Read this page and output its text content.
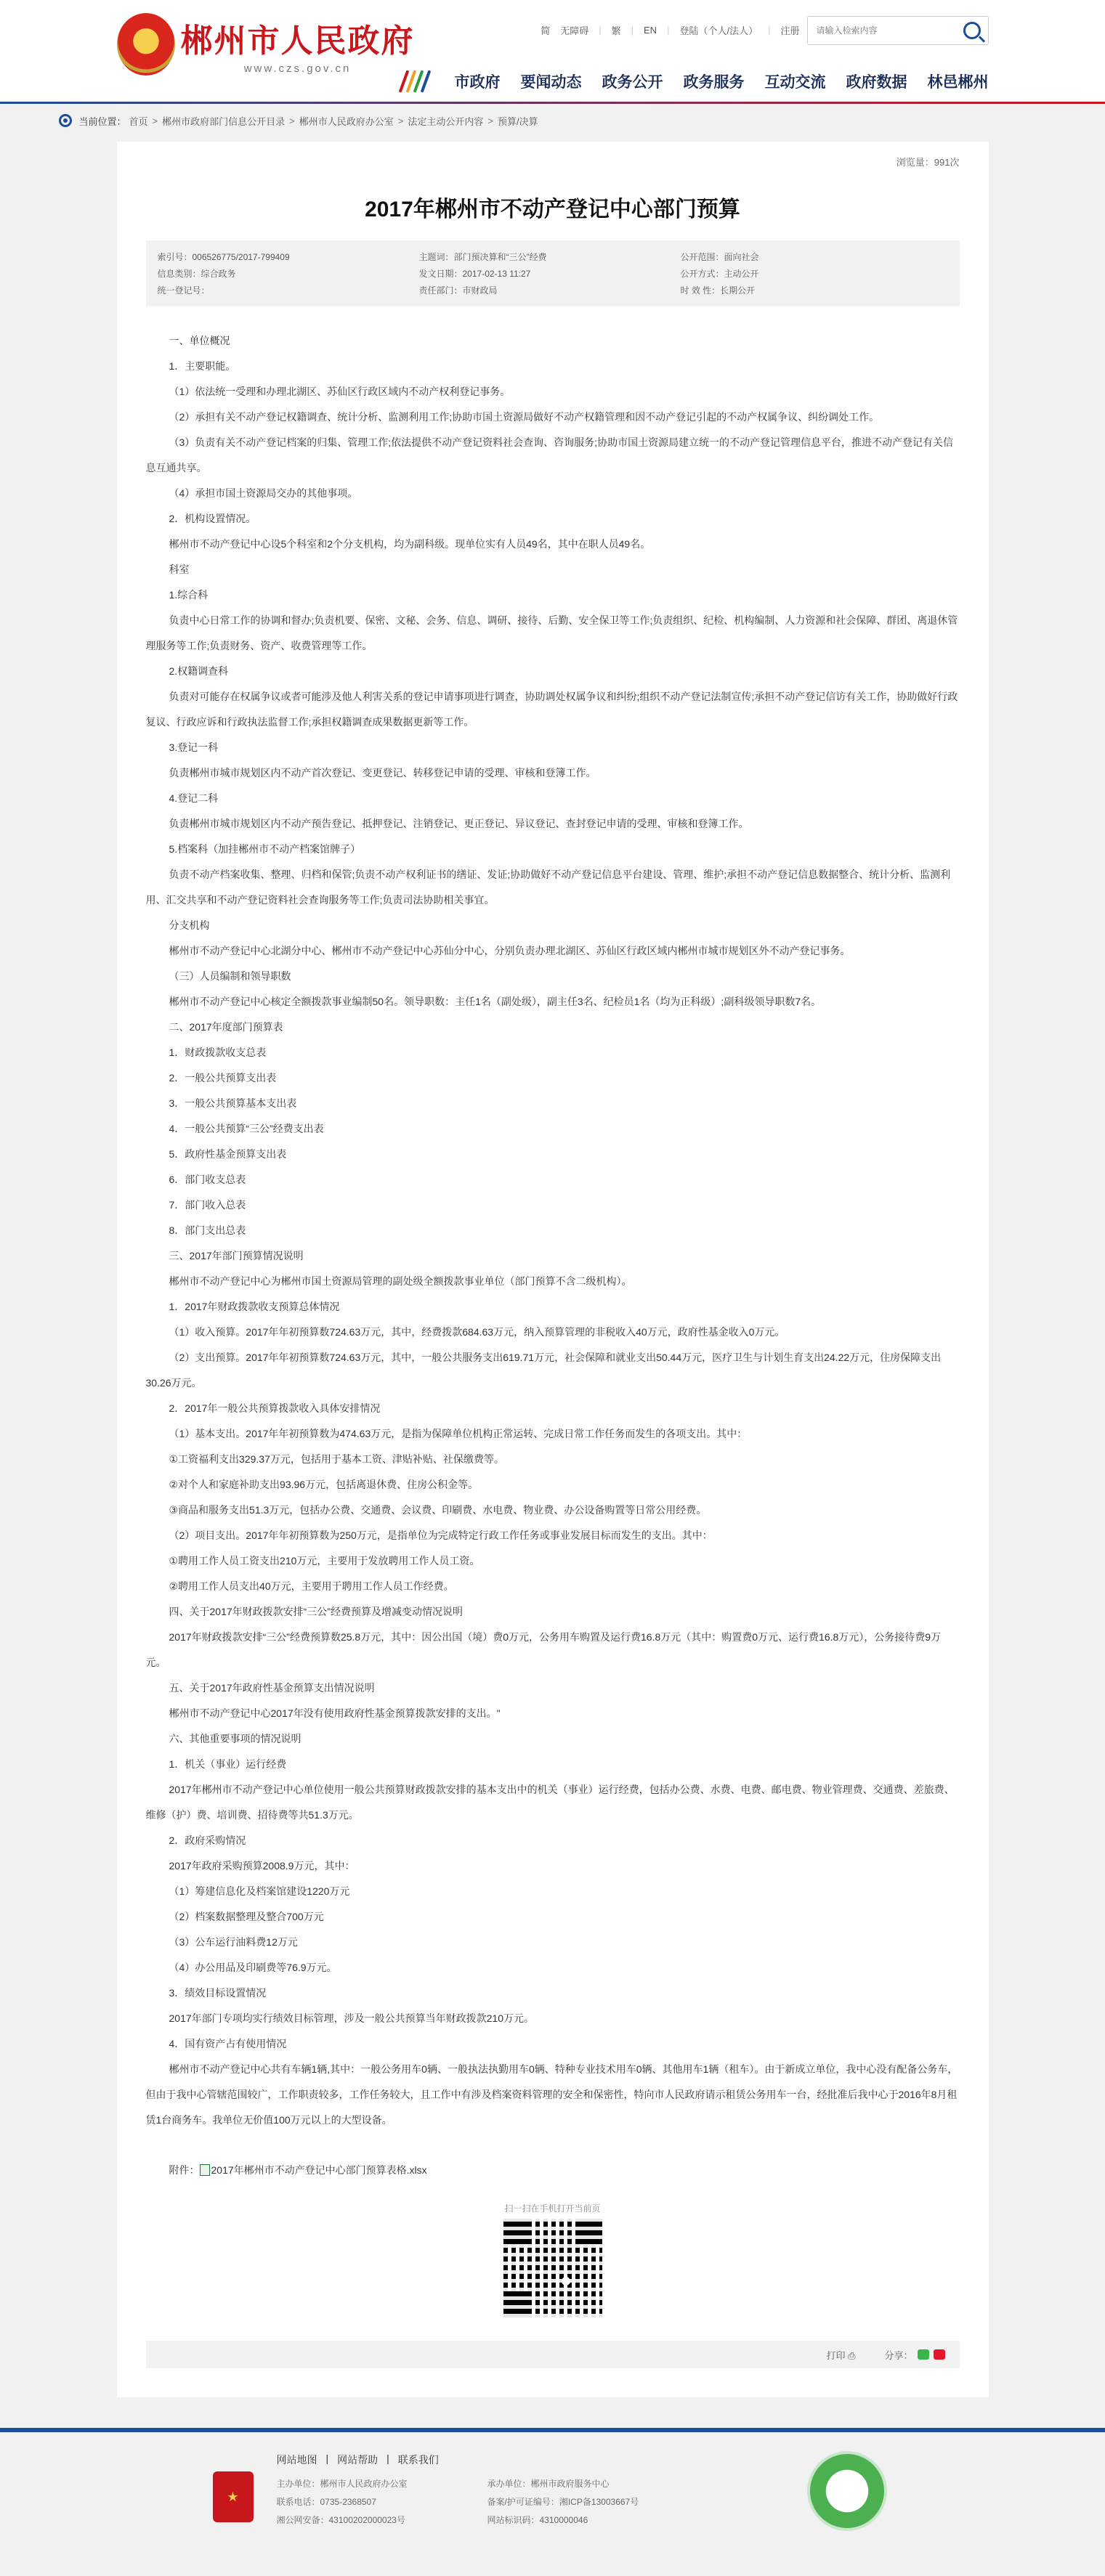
★ 郴州市人民政府
www.czs.gov.cn
简 无障碍 | 繁 | EN | 登陆（个人/法人） | 注册
请输入检索内容
市政府 要闻动态 政务公开 政务服务 互动交流 政府数据 林邑郴州
当前位置： 首页 > 郴州市政府部门信息公开目录 > 郴州市人民政府办公室 > 法定主动公开内容 > 预算/决算
浏览量：991次
2017年郴州市不动产登记中心部门预算
索引号：006526775/2017-799409	主题词：部门预决算和“三公”经费	公开范围：面向社会
信息类别：综合政务	发文日期：2017-02-13 11:27	公开方式：主动公开
统一登记号：	责任部门：市财政局	时 效 性：长期公开

一、单位概况

1．主要职能。

（1）依法统一受理和办理北湖区、苏仙区行政区域内不动产权利登记事务。

（2）承担有关不动产登记权籍调查、统计分析、监测利用工作;协助市国土资源局做好不动产权籍管理和因不动产登记引起的不动产权属争议、纠纷调处工作。

（3）负责有关不动产登记档案的归集、管理工作;依法提供不动产登记资料社会查询、咨询服务;协助市国土资源局建立统一的不动产登记管理信息平台，推进不动产登记有关信息互通共享。

（4）承担市国土资源局交办的其他事项。

2．机构设置情况。

郴州市不动产登记中心设5个科室和2个分支机构，均为副科级。现单位实有人员49名，其中在职人员49名。

科室

1.综合科

负责中心日常工作的协调和督办;负责机要、保密、文秘、会务、信息、调研、接待、后勤、安全保卫等工作;负责组织、纪检、机构编制、人力资源和社会保障、群团、离退休管理服务等工作;负责财务、资产、收费管理等工作。

2.权籍调查科

负责对可能存在权属争议或者可能涉及他人利害关系的登记申请事项进行调查，协助调处权属争议和纠纷;组织不动产登记法制宣传;承担不动产登记信访有关工作，协助做好行政复议、行政应诉和行政执法监督工作;承担权籍调查成果数据更新等工作。

3.登记一科

负责郴州市城市规划区内不动产首次登记、变更登记、转移登记申请的受理、审核和登簿工作。

4.登记二科

负责郴州市城市规划区内不动产预告登记、抵押登记、注销登记、更正登记、异议登记、查封登记申请的受理、审核和登簿工作。

5.档案科（加挂郴州市不动产档案馆牌子）

负责不动产档案收集、整理、归档和保管;负责不动产权利证书的缮证、发证;协助做好不动产登记信息平台建设、管理、维护;承担不动产登记信息数据整合、统计分析、监测利用、汇交共享和不动产登记资料社会查询服务等工作;负责司法协助相关事宜。

分支机构

郴州市不动产登记中心北湖分中心、郴州市不动产登记中心苏仙分中心，分别负责办理北湖区、苏仙区行政区域内郴州市城市规划区外不动产登记事务。

（三）人员编制和领导职数

郴州市不动产登记中心核定全额拨款事业编制50名。领导职数：主任1名（副处级），副主任3名、纪检员1名（均为正科级）;副科级领导职数7名。

二、2017年度部门预算表

1．财政拨款收支总表

2．一般公共预算支出表

3．一般公共预算基本支出表

4．一般公共预算“三公”经费支出表

5．政府性基金预算支出表

6．部门收支总表

7．部门收入总表

8．部门支出总表

三、2017年部门预算情况说明

郴州市不动产登记中心为郴州市国土资源局管理的副处级全额拨款事业单位（部门预算不含二级机构）。

1．2017年财政拨款收支预算总体情况

（1）收入预算。2017年年初预算数724.63万元，其中，经费拨款684.63万元，纳入预算管理的非税收入40万元，政府性基金收入0万元。

（2）支出预算。2017年年初预算数724.63万元，其中，一般公共服务支出619.71万元，社会保障和就业支出50.44万元，医疗卫生与计划生育支出24.22万元，住房保障支出30.26万元。

2．2017年一般公共预算拨款收入具体安排情况

（1）基本支出。2017年年初预算数为474.63万元，是指为保障单位机构正常运转、完成日常工作任务而发生的各项支出。其中：

①工资福利支出329.37万元，包括用于基本工资、津贴补贴、社保缴费等。

②对个人和家庭补助支出93.96万元，包括离退休费、住房公积金等。

③商品和服务支出51.3万元，包括办公费、交通费、会议费、印刷费、水电费、物业费、办公设备购置等日常公用经费。

（2）项目支出。2017年年初预算数为250万元，是指单位为完成特定行政工作任务或事业发展目标而发生的支出。其中：

①聘用工作人员工资支出210万元，主要用于发放聘用工作人员工资。

②聘用工作人员支出40万元，主要用于聘用工作人员工作经费。

四、关于2017年财政拨款安排“三公”经费预算及增减变动情况说明

2017年财政拨款安排“三公”经费预算数25.8万元，其中：因公出国（境）费0万元，公务用车购置及运行费16.8万元（其中：购置费0万元、运行费16.8万元），公务接待费9万元。

五、关于2017年政府性基金预算支出情况说明

郴州市不动产登记中心2017年没有使用政府性基金预算拨款安排的支出。"

六、其他重要事项的情况说明

1．机关（事业）运行经费

2017年郴州市不动产登记中心单位使用一般公共预算财政拨款安排的基本支出中的机关（事业）运行经费，包括办公费、水费、电费、邮电费、物业管理费、交通费、差旅费、维修（护）费、培训费、招待费等共51.3万元。

2．政府采购情况

2017年政府采购预算2008.9万元，其中：

（1）筹建信息化及档案馆建设1220万元

（2）档案数据整理及整合700万元

（3）公车运行油料费12万元

（4）办公用品及印刷费等76.9万元。

3．绩效目标设置情况

2017年部门专项均实行绩效目标管理，涉及一般公共预算当年财政拨款210万元。

4．国有资产占有使用情况

郴州市不动产登记中心共有车辆1辆,其中：一般公务用车0辆、一般执法执勤用车0辆、特种专业技术用车0辆、其他用车1辆（租车）。由于新成立单位，我中心没有配备公务车，但由于我中心管辖范围较广，工作职责较多，工作任务较大，且工作中有涉及档案资料管理的安全和保密性，特向市人民政府请示租赁公务用车一台，经批准后我中心于2016年8月租赁1台商务车。我单位无价值100万元以上的大型设备。

附件： 2017年郴州市不动产登记中心部门预算表格.xlsx

扫一扫在手机打开当前页
打印 ⎙	分享：
网站地图 | 网站帮助 | 联系我们
★
主办单位：郴州市人民政府办公室	承办单位：郴州市政府服务中心
联系电话：0735-2368507	备案/护可证编号：湘ICP备13003667号
湘公网安备：43100202000023号	网站标识码：4310000046
